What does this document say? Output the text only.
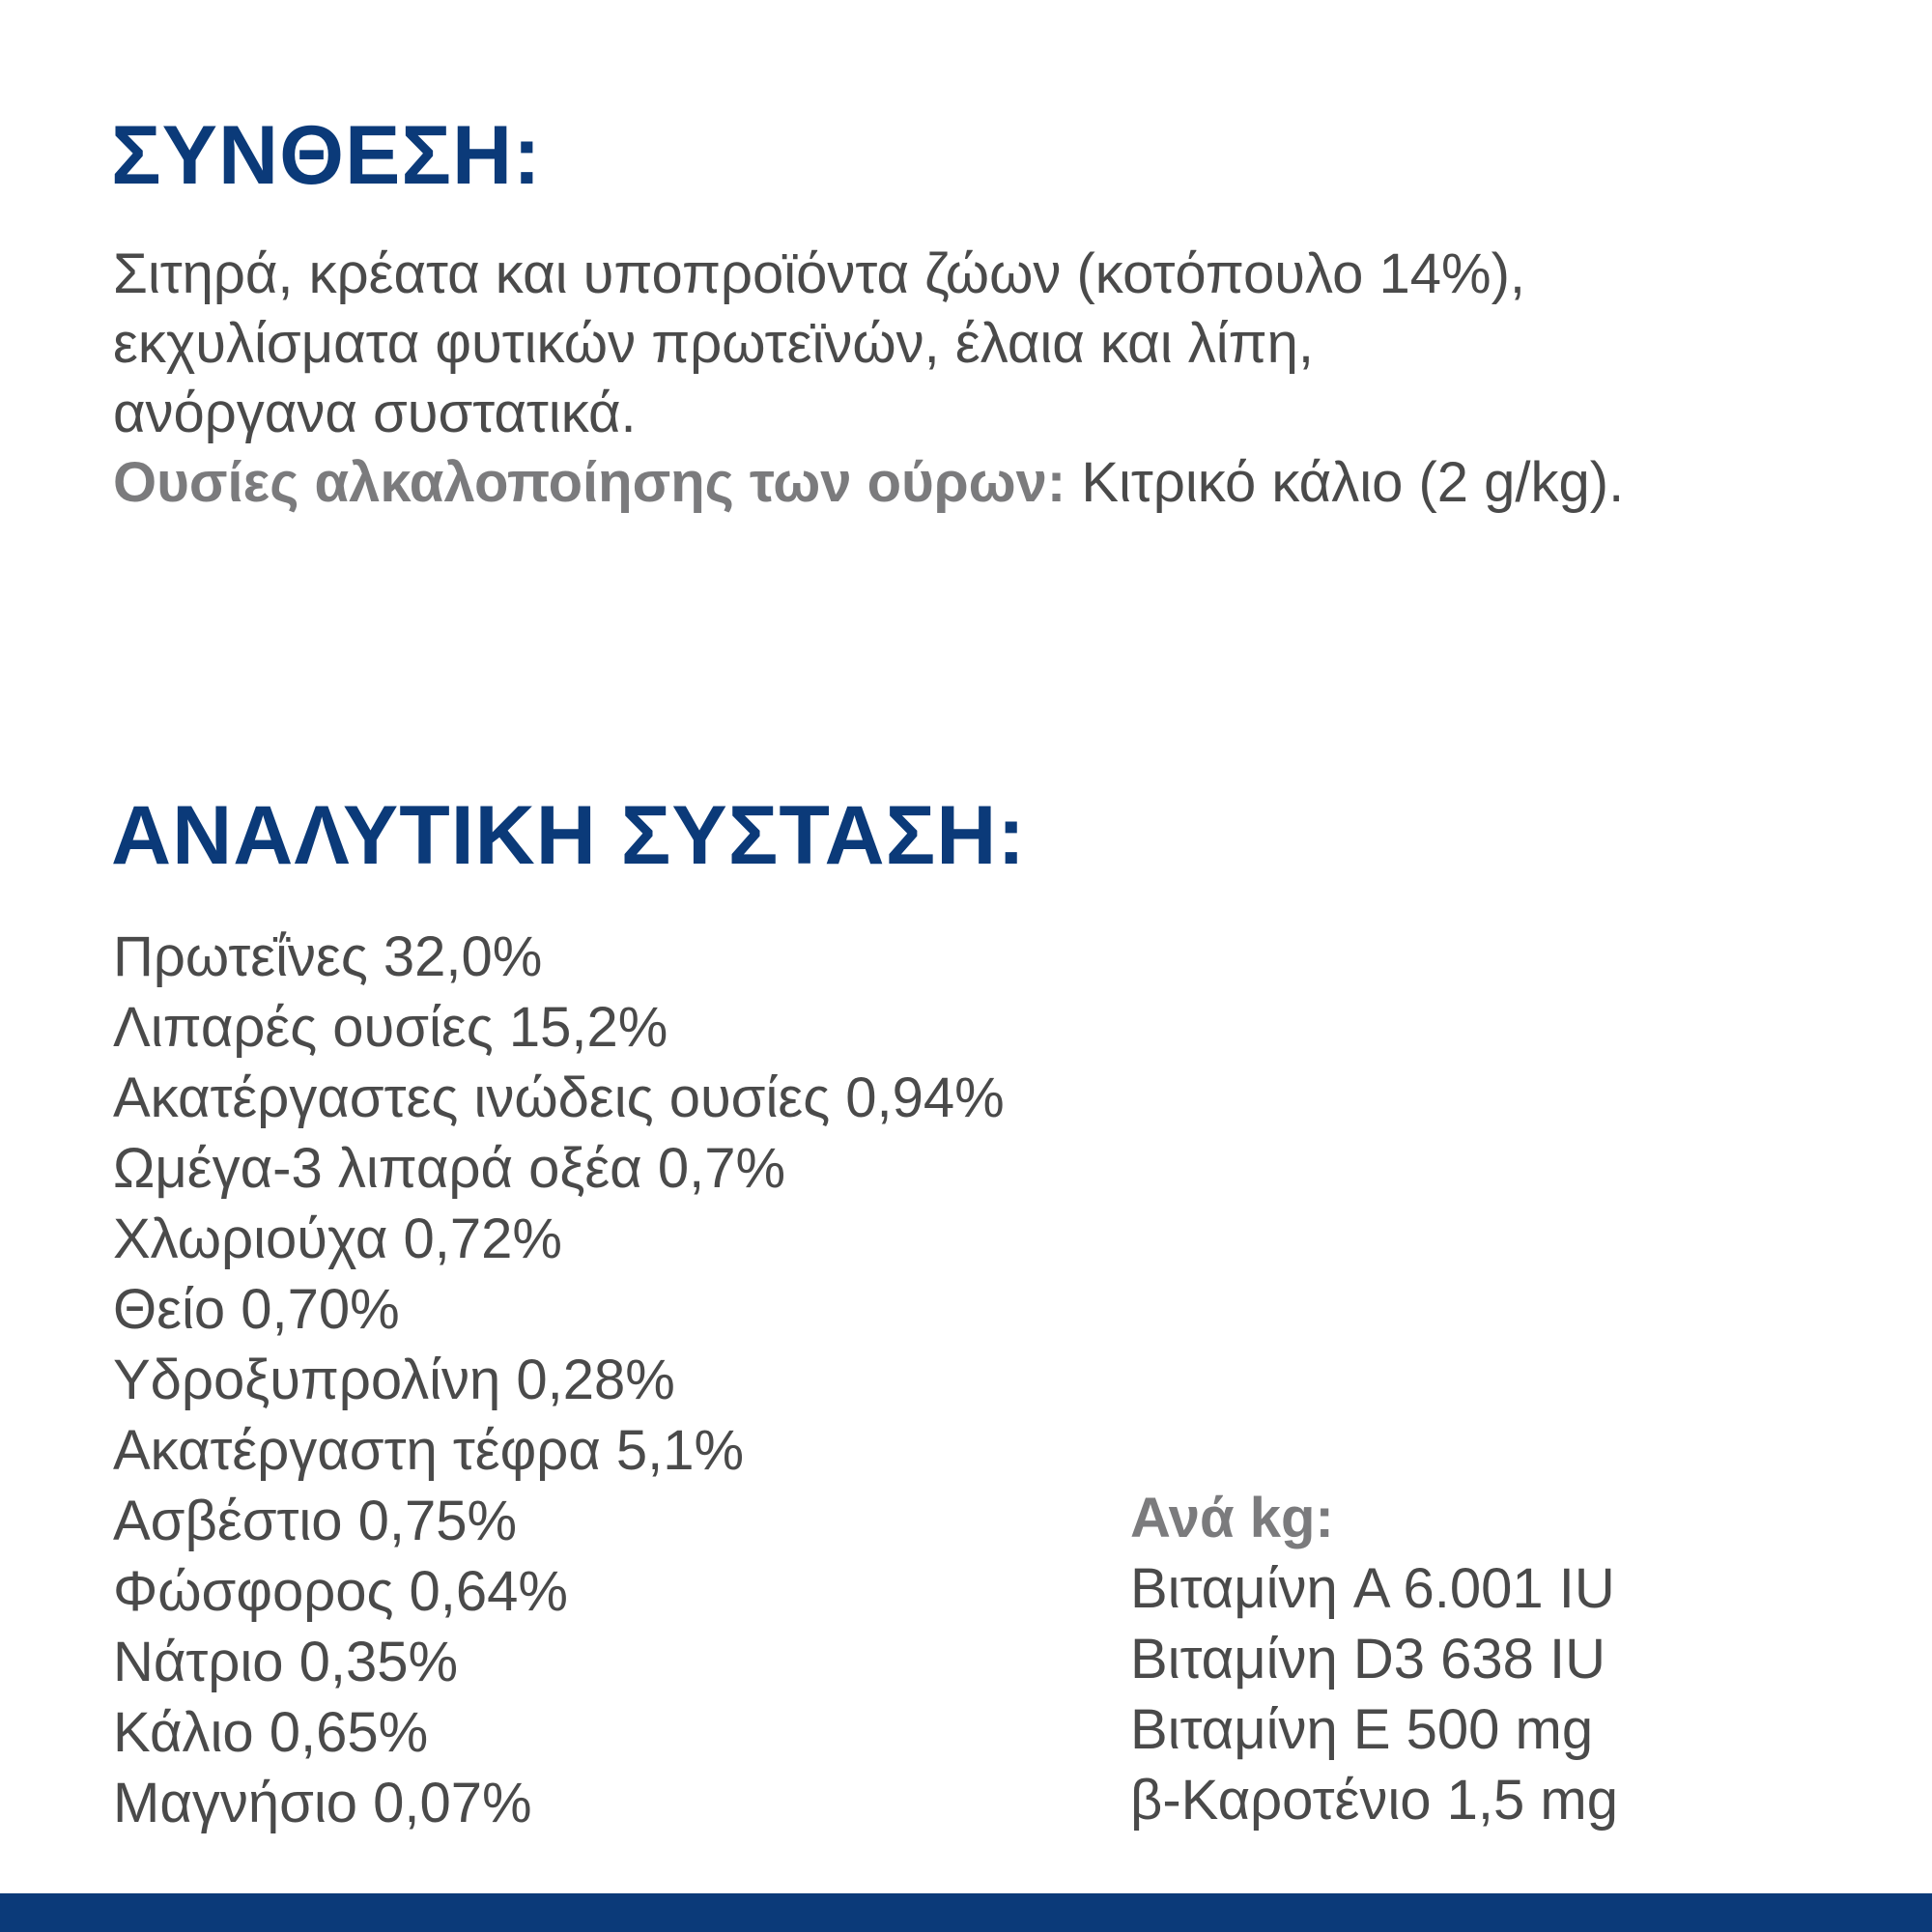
ΣΥΝΘΕΣΗ:
Σιτηρά, κρέατα και υποπροϊόντα ζώων (κοτόπουλο 14%),
εκχυλίσματα φυτικών πρωτεϊνών, έλαια και λίπη,
ανόργανα συστατικά.
Ουσίες αλκαλοποίησης των ούρων: Κιτρικό κάλιο (2 g/kg).
ΑΝΑΛΥΤΙΚΗ ΣΥΣΤΑΣΗ:
Πρωτεΐνες 32,0%
Λιπαρές ουσίες 15,2%
Ακατέργαστες ινώδεις ουσίες 0,94%
Ωμέγα-3 λιπαρά οξέα 0,7%
Χλωριούχα 0,72%
Θείο 0,70%
Υδροξυπρολίνη 0,28%
Ακατέργαστη τέφρα 5,1%
Ασβέστιο 0,75%
Φώσφορος 0,64%
Νάτριο 0,35%
Κάλιο 0,65%
Μαγνήσιο 0,07%
Ανά kg:
Βιταμίνη A 6.001 IU
Βιταμίνη D3 638 IU
Βιταμίνη E 500 mg
β-Καροτένιο 1,5 mg
